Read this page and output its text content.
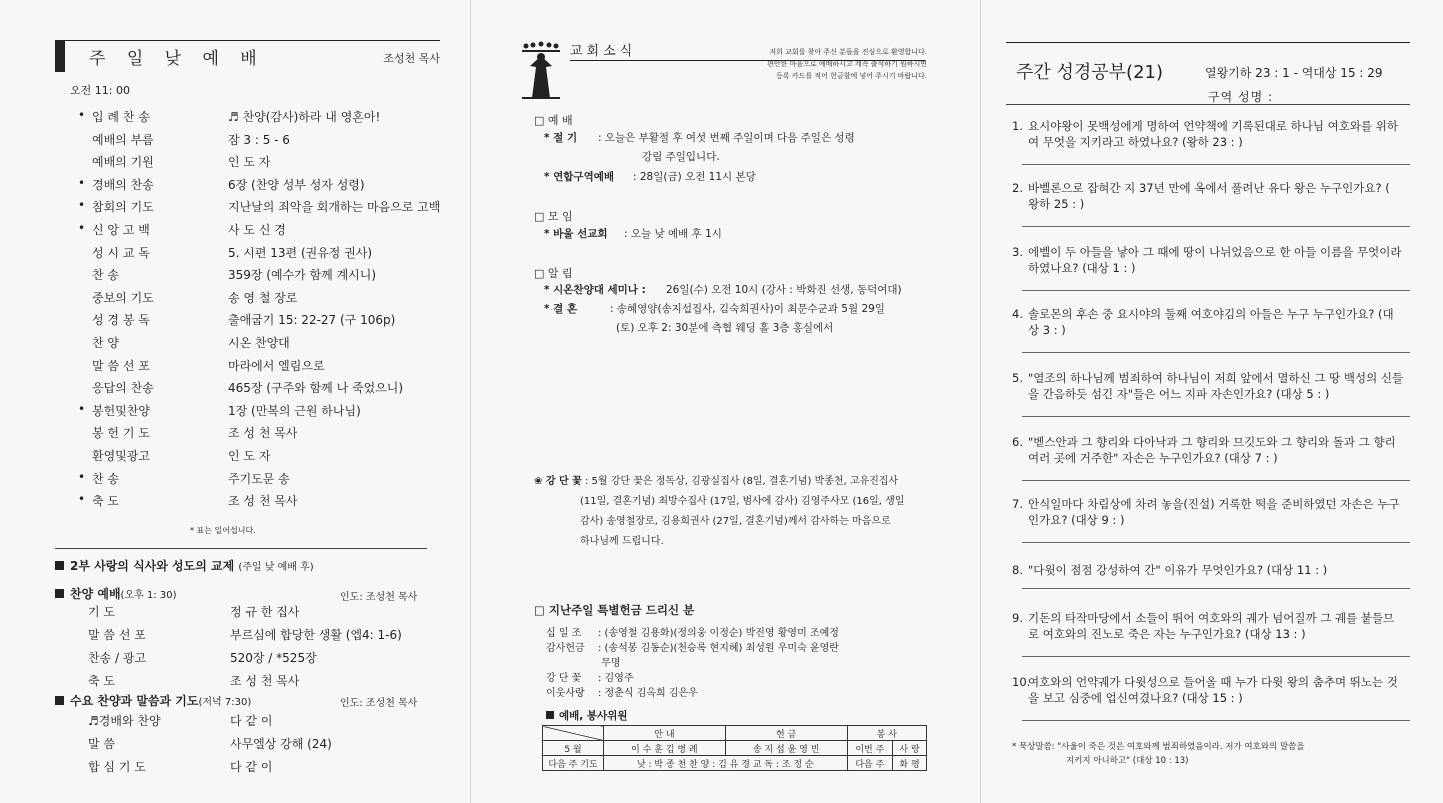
주 일 낮 예 배	조성천 목사
오전 11: 00
• 입 례 찬 송	♬ 찬양(감사)하라 내 영혼아!
예배의 부름	잠 3 : 5 - 6
예배의 기원	인 도 자
• 경배의 찬송	6장 (찬양 성부 성자 성령)
• 참회의 기도	지난날의 죄악을 회개하는 마음으로 고백
• 신 앙 고 백	사 도 신 경
성 시 교 독	5. 시편 13편 (권유정 권사)
찬 송	359장 (예수가 함께 계시니)
중보의 기도	송 영 철 장로
성 경 봉 독	출애굽기 15: 22-27 (구 106p)
찬 양	시온 찬양대
말 씀 선 포	마라에서 엘림으로
응답의 찬송	465장 (구주와 함께 나 죽었으니)
• 봉헌및찬양	1장 (만복의 근원 하나님)
봉 헌 기 도	조 성 천 목사
환영및광고	인 도 자
• 찬 송	주기도문 송
• 축 도	조 성 천 목사
* 표는 일어섭니다.
2부 사랑의 식사와 성도의 교제 (주일 낮 예배 후)
찬양 예배(오후 1: 30)	인도: 조성천 목사
기 도	정 규 한 집사
말 씀 선 포	부르심에 합당한 생활 (엡4: 1-6)
찬송 / 광고	520장 / *525장
축 도	조 성 천 목사
수요 찬양과 말씀과 기도(저녁 7:30)	인도: 조성천 목사
♬경배와 찬양	다 같 이
말 씀	사무엘상 강해 (24)
합 심 기 도	다 같 이
교회소식	저희 교회를 찾아 주신 분들을 진심으로 환영합니다.
편안한 마음으로 예배하시고 계속 출석하기 원하시면
등록 카드를 적어 헌금함에 넣어 주시기 바랍니다.
□ 예 배
* 절 기 : 오늘은 부활절 후 여섯 번째 주일이며 다음 주일은 성령
강림 주일입니다.
* 연합구역예배 : 28일(금) 오전 11시 본당
□ 모 임
* 바울 선교회 : 오늘 낮 예배 후 1시
□ 알 림
* 시온찬양대 세미나 : 26일(수) 오전 10시 (강사 : 박화진 선생, 동덕여대)
* 결 혼	: 송혜영양(송지섭집사, 김숙희권사)이 최문수군과 5월 29일
(토) 오후 2: 30분에 측협 웨딩 홀 3층 홍실에서
❀ 강 단 꽃 : 5월 강단 꽃은 정독상, 김광실집사 (8일, 결혼기념) 박종천, 고유진집사
(11일, 결혼기념) 최방수집사 (17일, 범사에 감사) 김영주사모 (16일, 생일
감사) 송영철장로, 김용희권사 (27일, 결혼기념)께서 감사하는 마음으로
하나님께 드립니다.
□ 지난주일 특별헌금 드리신 분
십 일 조 : (송영철 김용화)(정의웅 이정순) 박진영 황영미 조예정
감사헌금 : (송석봉 김동순)(천승록 현지혜) 최성원 우미숙 윤영란
무명
강 단 꽃 : 김영주
이웃사랑 : 정춘식 김옥희 김은우
예배, 봉사위원
	안 내	헌 금	봉 사	
5 월	이 수 훈 김 병 례	송 지 섭 윤 영 빈	이번 주	사 랑
다음 주 기도	낮 : 박 종 천 찬 양 : 김 유 경 교 독 : 조 정 순		다음 주	화 평
주간 성경공부(21)	열왕기하 23 : 1 - 역대상 15 : 29
구역 성명 :
1. 요시야왕이 못백성에게 명하여 언약책에 기록된대로 하나님 여호와를 위하여 무엇을 지키라고 하였나요? (왕하 23 : )
2. 바벨론으로 잡혀간 지 37년 만에 옥에서 풀려난 유다 왕은 누구인가요? ( 왕하 25 : )
3. 에벨이 두 아들을 낳아 그 때에 땅이 나뉘었음으로 한 아들 이름을 무엇이라 하였나요? (대상 1 : )
4. 솔로몬의 후손 중 요시야의 둘째 여호야김의 아들은 누구 누구인가요? (대상 3 : )
5. "열조의 하나님께 범죄하여 하나님이 저희 앞에서 멸하신 그 땅 백성의 신들을 간음하듯 섬긴 자"들은 어느 지파 자손인가요? (대상 5 : )
6. "벧스안과 그 향리와 다아낙과 그 향리와 므깃도와 그 향리와 돌과 그 향리 여러 곳에 거주한" 자손은 누구인가요? (대상 7 : )
7. 안식일마다 차림상에 차려 놓을(진설) 거룩한 떡을 준비하였던 자손은 누구인가요? (대상 9 : )
8. "다윗이 점점 강성하여 간" 이유가 무엇인가요? (대상 11 : )
9. 기돈의 타작마당에서 소들이 뛰어 여호와의 궤가 넘어질까 그 궤를 붙들므로 여호와의 진노로 죽은 자는 누구인가요? (대상 13 : )
10.여호와의 언약궤가 다윗성으로 들어올 때 누가 다윗 왕의 춤추며 뛰노는 것을 보고 심중에 업신여겼나요? (대상 15 : )
* 묵상말씀: "사울이 죽은 것은 여호와께 범죄하였음이라. 저가 여호와의 말씀을
지키지 아니하고" (대상 10 : 13)
